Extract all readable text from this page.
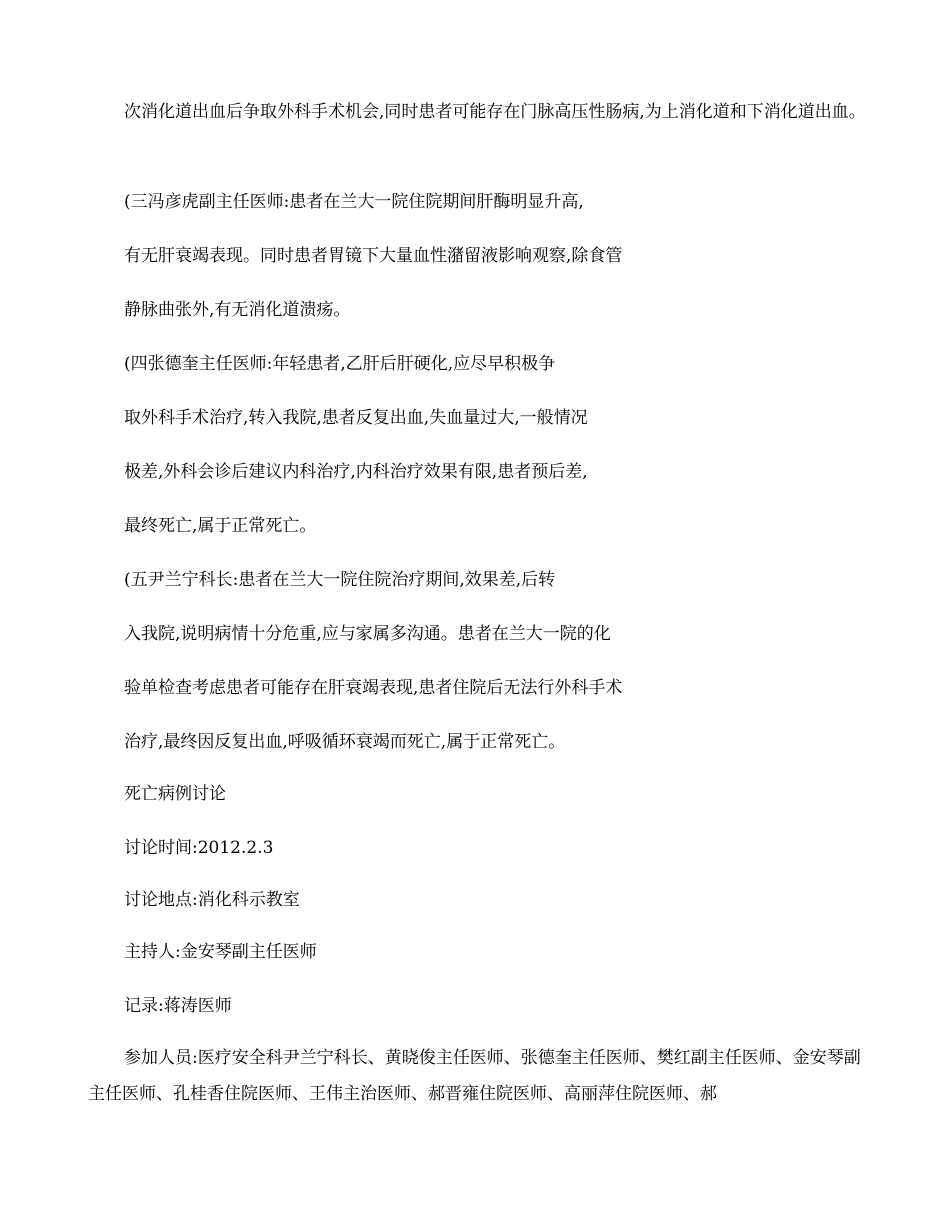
次消化道出血后争取外科手术机会,同时患者可能存在门脉高压性肠病,为上消化道和下消化道出血。
(三冯彦虎副主任医师:患者在兰大一院住院期间肝酶明显升高,
有无肝衰竭表现。同时患者胃镜下大量血性潴留液影响观察,除食管
静脉曲张外,有无消化道溃疡。
(四张德奎主任医师:年轻患者,乙肝后肝硬化,应尽早积极争
取外科手术治疗,转入我院,患者反复出血,失血量过大,一般情况
极差,外科会诊后建议内科治疗,内科治疗效果有限,患者预后差,
最终死亡,属于正常死亡。
(五尹兰宁科长:患者在兰大一院住院治疗期间,效果差,后转
入我院,说明病情十分危重,应与家属多沟通。患者在兰大一院的化
验单检查考虑患者可能存在肝衰竭表现,患者住院后无法行外科手术
治疗,最终因反复出血,呼吸循环衰竭而死亡,属于正常死亡。
死亡病例讨论
讨论时间:2012.2.3
讨论地点:消化科示教室
主持人:金安琴副主任医师
记录:蒋涛医师
参加人员:医疗安全科尹兰宁科长、黄晓俊主任医师、张德奎主任医师、樊红副主任医师、金安琴副主任医师、孔桂香住院医师、王伟主治医师、郝晋雍住院医师、高丽萍住院医师、郝
